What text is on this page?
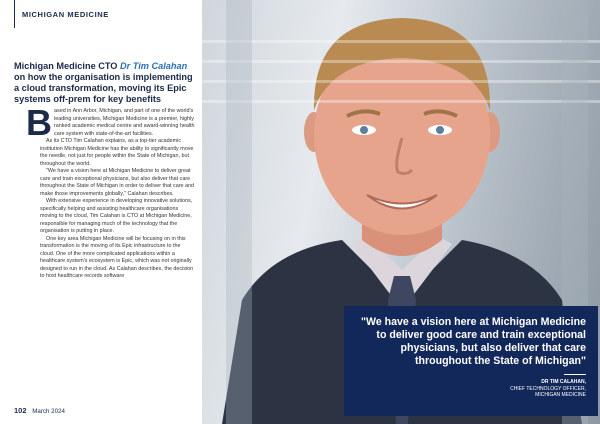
MICHIGAN MEDICINE
Michigan Medicine CTO Dr Tim Calahan on how the organisation is implementing a cloud transformation, moving its Epic systems off-prem for key benefits

Based in Ann Arbor, Michigan, and part of one of the world's leading universities, Michigan Medicine is a premier, highly ranked academic medical centre and award-winning health care system with state-of-the-art facilities.

As its CTO Tim Calahan explains, as a top-tier academic institution Michigan Medicine has the ability to significantly move the needle, not just for people within the State of Michigan, but throughout the world.

"We have a vision here at Michigan Medicine to deliver great care and train exceptional physicians, but also deliver that care throughout the State of Michigan in order to deliver that care and make those improvements globally," Calahan describes.

With extensive experience in developing innovative solutions, specifically helping and assisting healthcare organisations moving to the cloud, Tim Calahan is CTO at Michigan Medicine, responsible for managing much of the technology that the organisation is putting in place.

One key area Michigan Medicine will be focusing on in this transformation is the moving of its Epic infrastructure to the cloud. One of the more complicated applications within a healthcare system's ecosystem is Epic, which was not originally designed to run in the cloud. As Calahan describes, the decision to host healthcare records software

102 March 2024
"We have a vision here at Michigan Medicine to deliver good care and train exceptional physicians, but also deliver that care throughout the State of Michigan"
DR TIM CALAHAN,
CHIEF TECHNOLOGY OFFICER,
MICHIGAN MEDICINE
